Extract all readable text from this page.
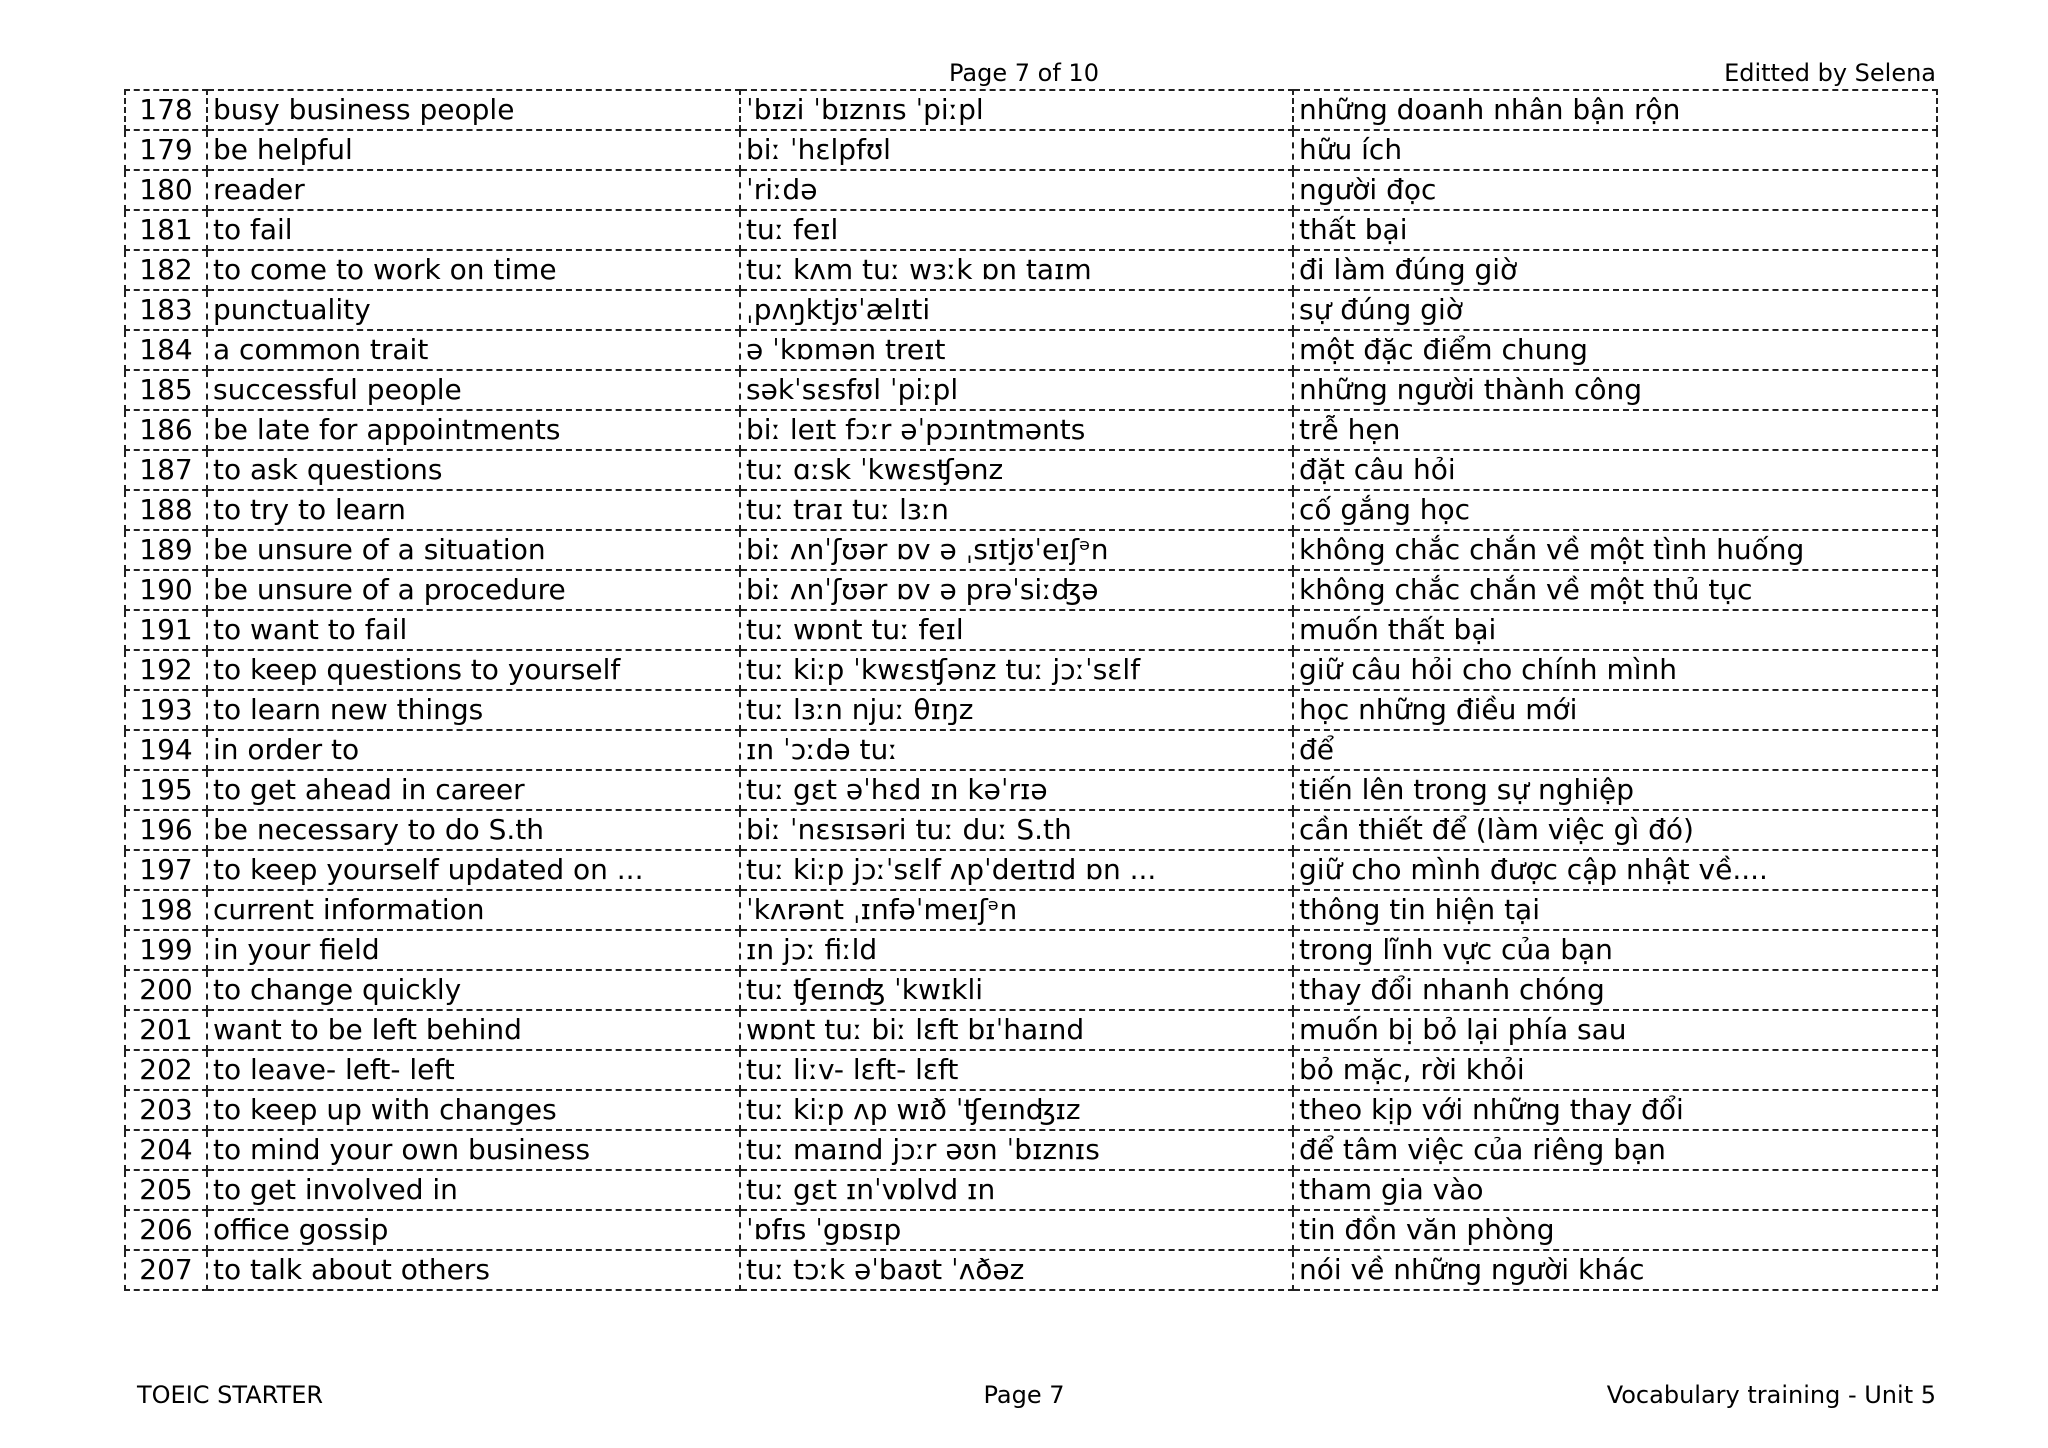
Page 7 of 10	Editted by Selena
178	busy business people	ˈbɪzi ˈbɪznɪs ˈpiːpl	những doanh nhân bận rộn
179	be helpful	biː ˈhɛlpfʊl	hữu ích
180	reader	ˈriːdə	người đọc
181	to fail	tuː feɪl	thất bại
182	to come to work on time	tuː kʌm tuː wɜːk ɒn taɪm	đi làm đúng giờ
183	punctuality	ˌpʌŋktjʊˈælɪti	sự đúng giờ
184	a common trait	ə ˈkɒmən treɪt	một đặc điểm chung
185	successful people	səkˈsɛsfʊl ˈpiːpl	những người thành công
186	be late for appointments	biː leɪt fɔːr əˈpɔɪntmənts	trễ hẹn
187	to ask questions	tuː ɑːsk ˈkwɛsʧənz	đặt câu hỏi
188	to try to learn	tuː traɪ tuː lɜːn	cố gắng học
189	be unsure of a situation	biː ʌnˈʃʊər ɒv ə ˌsɪtjʊˈeɪʃᵊn	không chắc chắn về một tình huống
190	be unsure of a procedure	biː ʌnˈʃʊər ɒv ə prəˈsiːʤə	không chắc chắn về một thủ tục
191	to want to fail	tuː wɒnt tuː feɪl	muốn thất bại
192	to keep questions to yourself	tuː kiːp ˈkwɛsʧənz tuː jɔːˈsɛlf	giữ câu hỏi cho chính mình
193	to learn new things	tuː lɜːn njuː θɪŋz	học những điều mới
194	in order to	ɪn ˈɔːdə tuː	để
195	to get ahead in career	tuː gɛt əˈhɛd ɪn kəˈrɪə	tiến lên trong sự nghiệp
196	be necessary to do S.th	biː ˈnɛsɪsəri tuː duː S.th	cần thiết để (làm việc gì đó)
197	to keep yourself updated on ...	tuː kiːp jɔːˈsɛlf ʌpˈdeɪtɪd ɒn ...	giữ cho mình được cập nhật về....
198	current information	ˈkʌrənt ˌɪnfəˈmeɪʃᵊn	thông tin hiện tại
199	in your field	ɪn jɔː fiːld	trong lĩnh vực của bạn
200	to change quickly	tuː ʧeɪnʤ ˈkwɪkli	thay đổi nhanh chóng
201	want to be left behind	wɒnt tuː biː lɛft bɪˈhaɪnd	muốn bị bỏ lại phía sau
202	to leave- left- left	tuː liːv- lɛft- lɛft	bỏ mặc, rời khỏi
203	to keep up with changes	tuː kiːp ʌp wɪð ˈʧeɪnʤɪz	theo kịp với những thay đổi
204	to mind your own business	tuː maɪnd jɔːr əʊn ˈbɪznɪs	để tâm việc của riêng bạn
205	to get involved in	tuː gɛt ɪnˈvɒlvd ɪn	tham gia vào
206	office gossip	ˈɒfɪs ˈgɒsɪp	tin đồn văn phòng
207	to talk about others	tuː tɔːk əˈbaʊt ˈʌðəz	nói về những người khác
TOEIC STARTER	Page 7	Vocabulary training - Unit 5
